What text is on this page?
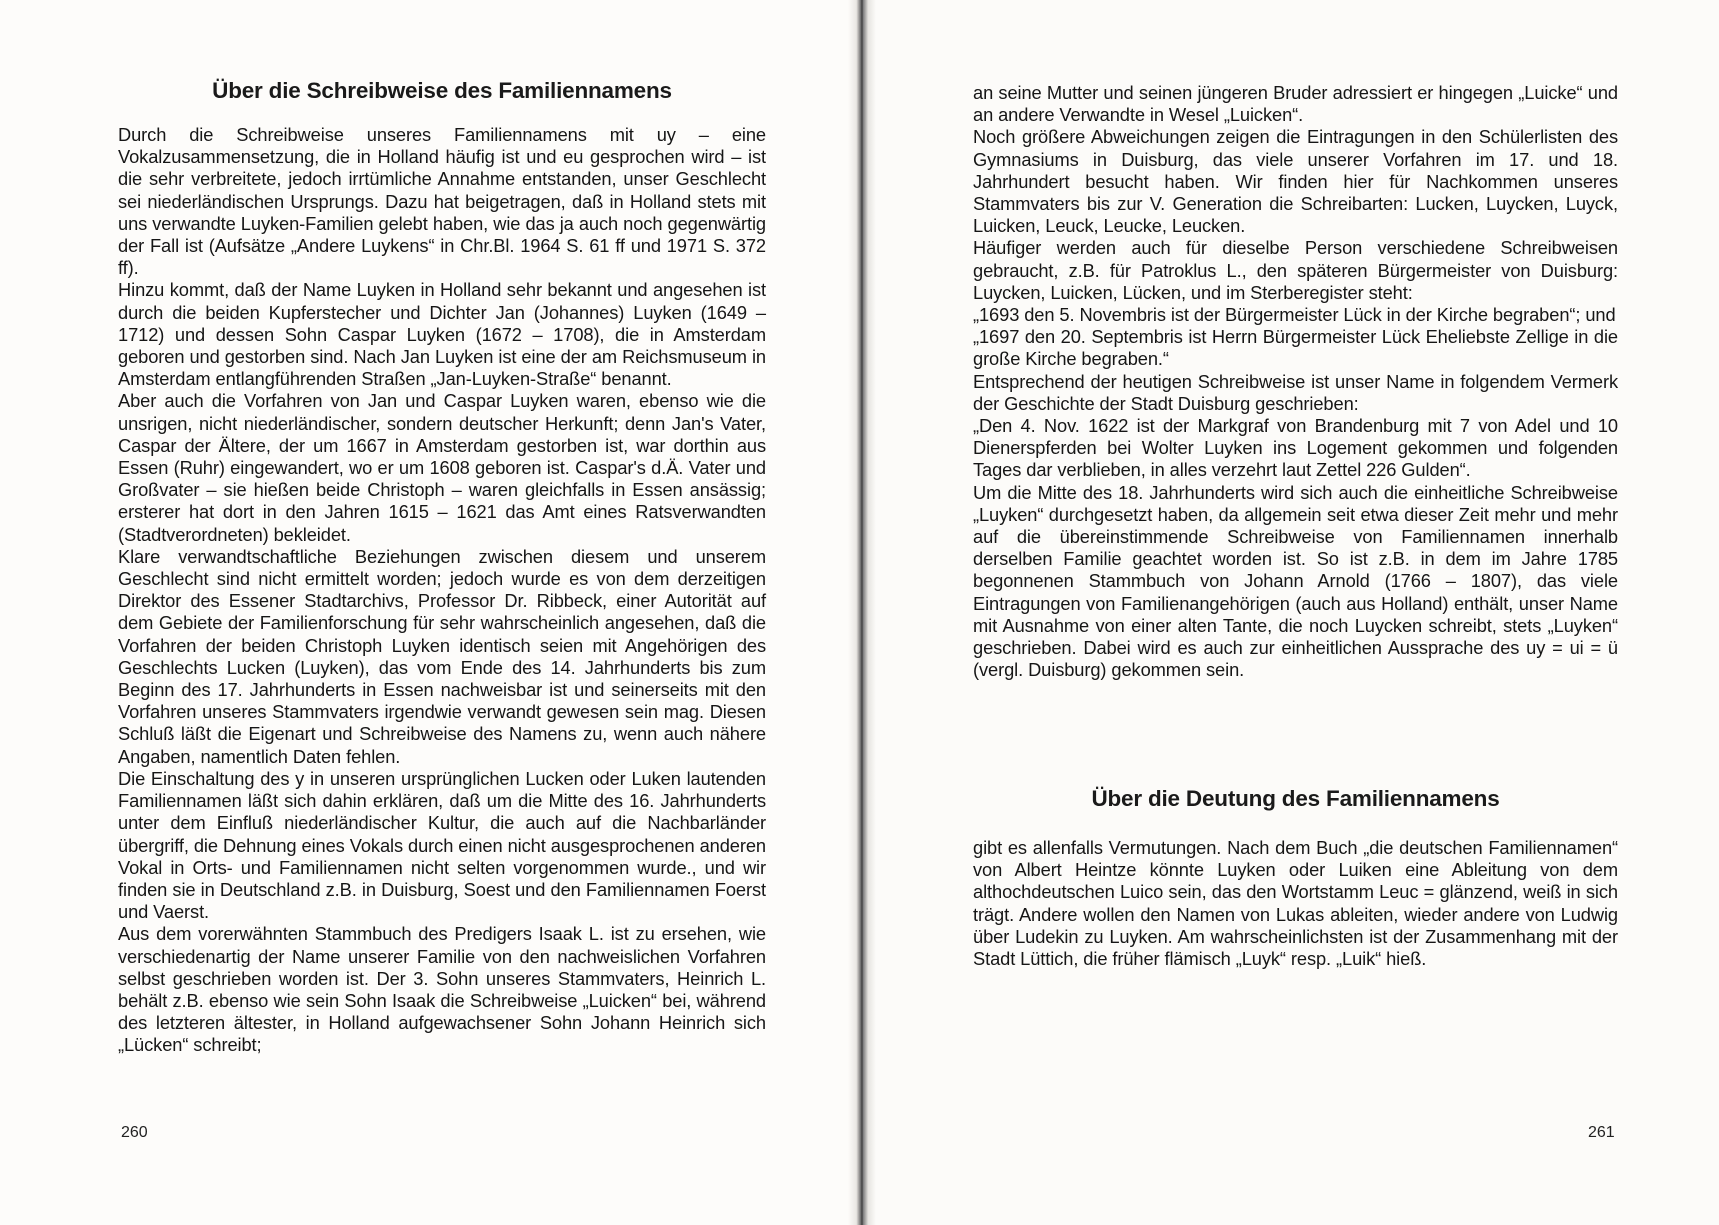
Über die Schreibweise des Familiennamens

Durch die Schreibweise unseres Familiennamens mit uy – eine Vokalzusammensetzung, die in Holland häufig ist und eu gesprochen wird – ist die sehr verbreitete, jedoch irrtümliche Annahme entstanden, unser Geschlecht sei niederländischen Ursprungs. Dazu hat beigetragen, daß in Holland stets mit uns verwandte Luyken-Familien gelebt haben, wie das ja auch noch gegenwärtig der Fall ist (Aufsätze „Andere Luykens“ in Chr.Bl. 1964 S. 61 ff und 1971 S. 372 ff).

Hinzu kommt, daß der Name Luyken in Holland sehr bekannt und angesehen ist durch die beiden Kupferstecher und Dichter Jan (Johannes) Luyken (1649 – 1712) und dessen Sohn Caspar Luyken (1672 – 1708), die in Amsterdam geboren und gestorben sind. Nach Jan Luyken ist eine der am Reichsmuseum in Amsterdam entlangführenden Straßen „Jan-Luyken-Straße“ benannt.

Aber auch die Vorfahren von Jan und Caspar Luyken waren, ebenso wie die unsrigen, nicht niederländischer, sondern deutscher Herkunft; denn Jan's Vater, Caspar der Ältere, der um 1667 in Amsterdam gestorben ist, war dorthin aus Essen (Ruhr) eingewandert, wo er um 1608 geboren ist. Caspar's d.Ä. Vater und Großvater – sie hießen beide Christoph – waren gleichfalls in Essen ansässig; ersterer hat dort in den Jahren 1615 – 1621 das Amt eines Ratsverwandten (Stadtverordneten) bekleidet.

Klare verwandtschaftliche Beziehungen zwischen diesem und unserem Geschlecht sind nicht ermittelt worden; jedoch wurde es von dem derzeitigen Direktor des Essener Stadtarchivs, Professor Dr. Ribbeck, einer Autorität auf dem Gebiete der Familienforschung für sehr wahrscheinlich angesehen, daß die Vorfahren der beiden Christoph Luyken identisch seien mit Angehörigen des Geschlechts Lucken (Luyken), das vom Ende des 14. Jahrhunderts bis zum Beginn des 17. Jahrhunderts in Essen nachweisbar ist und seinerseits mit den Vorfahren unseres Stammvaters irgendwie verwandt gewesen sein mag. Diesen Schluß läßt die Eigenart und Schreibweise des Namens zu, wenn auch nähere Angaben, namentlich Daten fehlen.

Die Einschaltung des y in unseren ursprünglichen Lucken oder Luken lautenden Familiennamen läßt sich dahin erklären, daß um die Mitte des 16. Jahrhunderts unter dem Einfluß niederländischer Kultur, die auch auf die Nachbarländer übergriff, die Dehnung eines Vokals durch einen nicht ausgesprochenen anderen Vokal in Orts- und Familiennamen nicht selten vorgenommen wurde., und wir finden sie in Deutschland z.B. in Duisburg, Soest und den Familiennamen Foerst und Vaerst.

Aus dem vorerwähnten Stammbuch des Predigers Isaak L. ist zu ersehen, wie verschiedenartig der Name unserer Familie von den nachweislichen Vorfahren selbst geschrieben worden ist. Der 3. Sohn unseres Stammvaters, Heinrich L. behält z.B. ebenso wie sein Sohn Isaak die Schreibweise „Luicken“ bei, während des letzteren ältester, in Holland aufgewachsener Sohn Johann Heinrich sich „Lücken“ schreibt;

260

an seine Mutter und seinen jüngeren Bruder adressiert er hingegen „Luicke“ und an andere Verwandte in Wesel „Luicken“.

Noch größere Abweichungen zeigen die Eintragungen in den Schülerlisten des Gymnasiums in Duisburg, das viele unserer Vorfahren im 17. und 18. Jahrhundert besucht haben. Wir finden hier für Nachkommen unseres Stammvaters bis zur V. Generation die Schreibarten: Lucken, Luycken, Luyck, Luicken, Leuck, Leucke, Leucken.

Häufiger werden auch für dieselbe Person verschiedene Schreibweisen gebraucht, z.B. für Patroklus L., den späteren Bürgermeister von Duisburg: Luycken, Luicken, Lücken, und im Sterberegister steht:

„1693 den 5. Novembris ist der Bürgermeister Lück in der Kirche begraben“; und

„1697 den 20. Septembris ist Herrn Bürgermeister Lück Eheliebste Zellige in die große Kirche begraben.“

Entsprechend der heutigen Schreibweise ist unser Name in folgendem Vermerk der Geschichte der Stadt Duisburg geschrieben:

„Den 4. Nov. 1622 ist der Markgraf von Brandenburg mit 7 von Adel und 10 Dienerspferden bei Wolter Luyken ins Logement gekommen und folgenden Tages dar verblieben, in alles verzehrt laut Zettel 226 Gulden“.

Um die Mitte des 18. Jahrhunderts wird sich auch die einheitliche Schreibweise „Luyken“ durchgesetzt haben, da allgemein seit etwa dieser Zeit mehr und mehr auf die übereinstimmende Schreibweise von Familiennamen innerhalb derselben Familie geachtet worden ist. So ist z.B. in dem im Jahre 1785 begonnenen Stammbuch von Johann Arnold (1766 – 1807), das viele Eintragungen von Familienangehörigen (auch aus Holland) enthält, unser Name mit Ausnahme von einer alten Tante, die noch Luycken schreibt, stets „Luyken“ geschrieben. Dabei wird es auch zur einheitlichen Aussprache des uy = ui = ü (vergl. Duisburg) gekommen sein.

Über die Deutung des Familiennamens

gibt es allenfalls Vermutungen. Nach dem Buch „die deutschen Familiennamen“ von Albert Heintze könnte Luyken oder Luiken eine Ableitung von dem althochdeutschen Luico sein, das den Wortstamm Leuc = glänzend, weiß in sich trägt. Andere wollen den Namen von Lukas ableiten, wieder andere von Ludwig über Ludekin zu Luyken. Am wahrscheinlichsten ist der Zusammenhang mit der Stadt Lüttich, die früher flämisch „Luyk“ resp. „Luik“ hieß.

261
